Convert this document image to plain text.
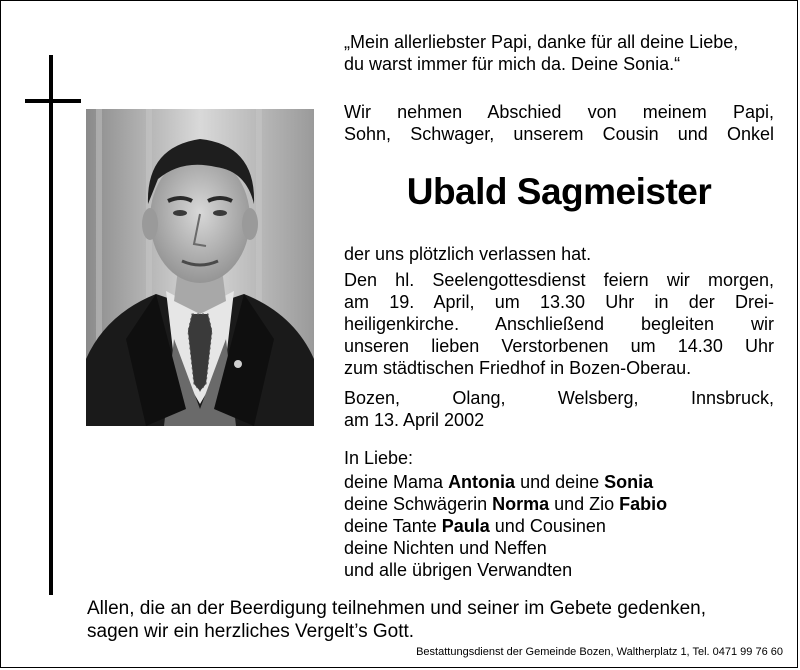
„Mein allerliebster Papi, danke für all deine Liebe,

du warst immer für mich da. Deine Sonia.“

Wir nehmen Abschied von meinem Papi,

Sohn, Schwager, unserem Cousin und Onkel

Ubald Sagmeister

der uns plötzlich verlassen hat.

Den hl. Seelengottesdienst feiern wir morgen,

am 19. April, um 13.30 Uhr in der Drei-

heiligenkirche. Anschließend begleiten wir

unseren lieben Verstorbenen um 14.30 Uhr

zum städtischen Friedhof in Bozen-Oberau.

Bozen, Olang, Welsberg, Innsbruck,

am 13. April 2002

In Liebe:

deine Mama Antonia und deine Sonia

deine Schwägerin Norma und Zio Fabio

deine Tante Paula und Cousinen

deine Nichten und Neffen

und alle übrigen Verwandten

Allen, die an der Beerdigung teilnehmen und seiner im Gebete gedenken,
sagen wir ein herzliches Vergelt’s Gott.
Bestattungsdienst der Gemeinde Bozen, Waltherplatz 1, Tel. 0471 99 76 60
